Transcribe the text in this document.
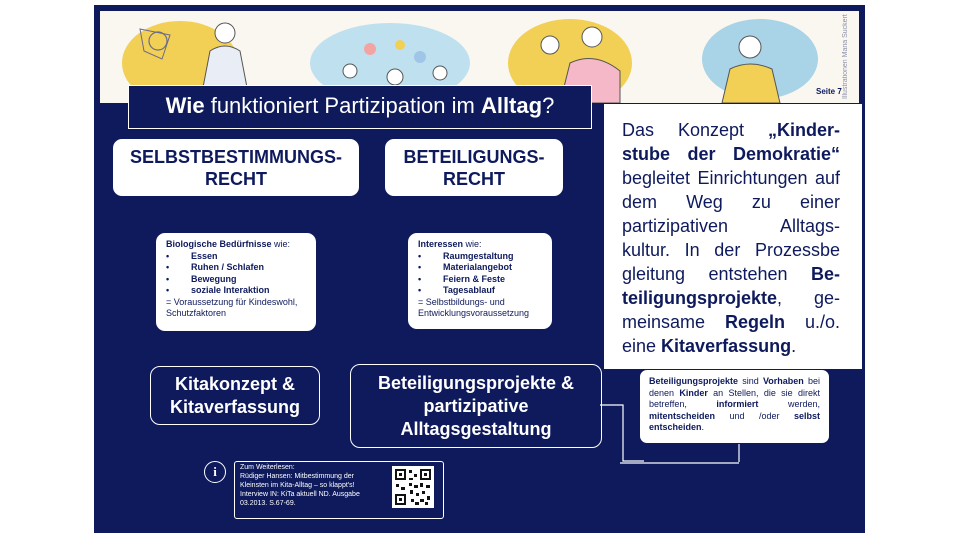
Illustrationen Maria Suckert
Seite 7
Wie funktioniert Partizipation im Alltag?
SELBSTBESTIMMUNGS-
RECHT
Biologische Bedürfnisse wie:
• Essen
• Ruhen / Schlafen
• Bewegung
• soziale Interaktion
= Voraussetzung für Kindeswohl, Schutzfaktoren
Kitakonzept &
Kitaverfassung
BETEILIGUNGS-
RECHT
Interessen wie:
• Raumgestaltung
• Materialangebot
• Feiern & Feste
• Tagesablauf
= Selbstbildungs- und Entwicklungsvoraussetzung
Beteiligungsprojekte &
partizipative
Alltagsgestaltung
Das Konzept „Kinder-stube der Demokratie“ begleitet Einrichtungen auf dem Weg zu einer partizipativen Alltags-kultur. In der Prozessbe gleitung entstehen Be-teiligungsprojekte, ge-meinsame Regeln u./o. eine Kitaverfassung.
Beteiligungsprojekte sind Vorhaben bei denen Kinder an Stellen, die sie direkt betreffen, informiert werden, mitentscheiden und /oder selbst entscheiden.
i	Zum Weiterlesen:
Rüdiger Hansen: Mitbestimmung der Kleinsten im Kita-Alltag – so klappt's! Interview IN: KiTa aktuell ND. Ausgabe 03.2013. S.67-69.
